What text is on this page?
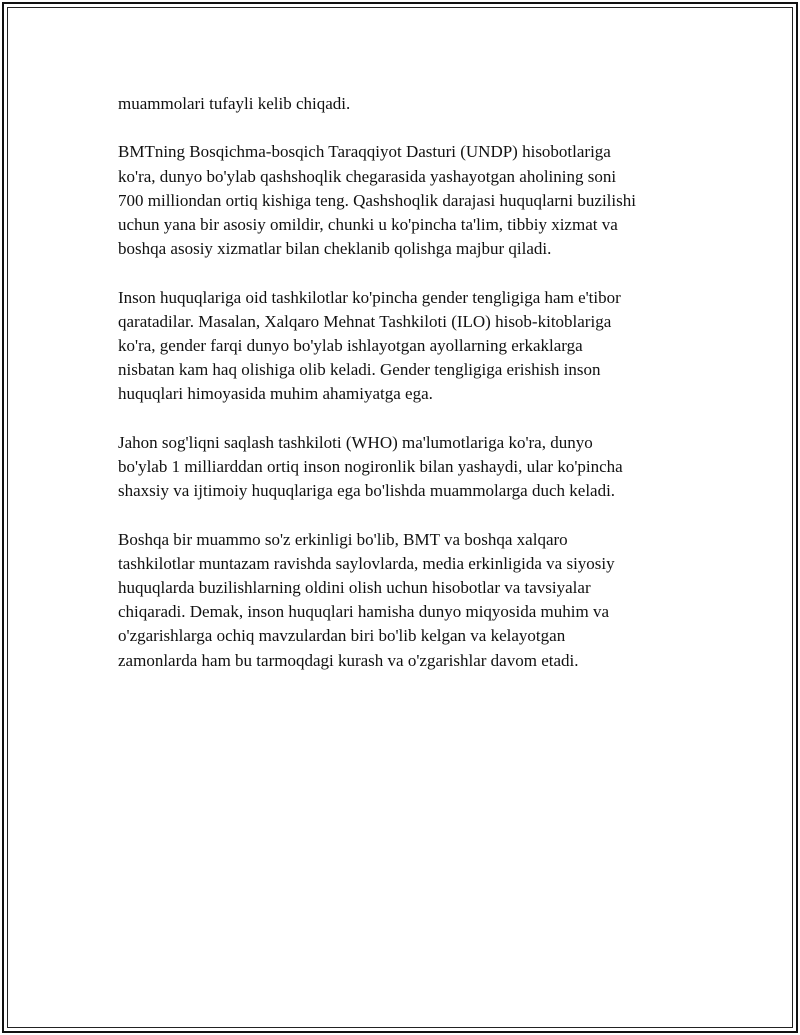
muammolari tufayli kelib chiqadi.

BMTning Bosqichma-bosqich Taraqqiyot Dasturi (UNDP) hisobotlariga
ko'ra, dunyo bo'ylab qashshoqlik chegarasida yashayotgan aholining soni
700 milliondan ortiq kishiga teng. Qashshoqlik darajasi huquqlarni buzilishi
uchun yana bir asosiy omildir, chunki u ko'pincha ta'lim, tibbiy xizmat va
boshqa asosiy xizmatlar bilan cheklanib qolishga majbur qiladi.

Inson huquqlariga oid tashkilotlar ko'pincha gender tengligiga ham e'tibor
qaratadilar. Masalan, Xalqaro Mehnat Tashkiloti (ILO) hisob-kitoblariga
ko'ra, gender farqi dunyo bo'ylab ishlayotgan ayollarning erkaklarga
nisbatan kam haq olishiga olib keladi. Gender tengligiga erishish inson
huquqlari himoyasida muhim ahamiyatga ega.

Jahon sog'liqni saqlash tashkiloti (WHO) ma'lumotlariga ko'ra, dunyo
bo'ylab 1 milliarddan ortiq inson nogironlik bilan yashaydi, ular ko'pincha
shaxsiy va ijtimoiy huquqlariga ega bo'lishda muammolarga duch keladi.

Boshqa bir muammo so'z erkinligi bo'lib, BMT va boshqa xalqaro
tashkilotlar muntazam ravishda saylovlarda, media erkinligida va siyosiy
huquqlarda buzilishlarning oldini olish uchun hisobotlar va tavsiyalar
chiqaradi. Demak, inson huquqlari hamisha dunyo miqyosida muhim va
o'zgarishlarga ochiq mavzulardan biri bo'lib kelgan va kelayotgan
zamonlarda ham bu tarmoqdagi kurash va o'zgarishlar davom etadi.
